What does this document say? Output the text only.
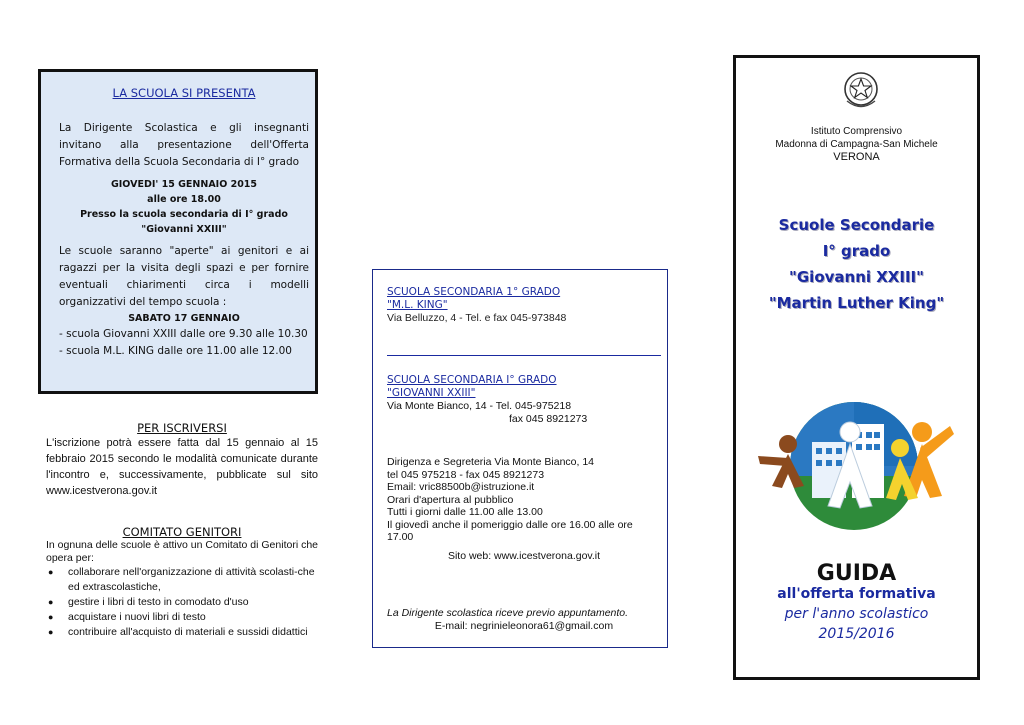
LA SCUOLA SI PRESENTA

La Dirigente Scolastica e gli insegnanti invitano alla presentazione dell'Offerta Formativa della Scuola Secondaria di I° grado

GIOVEDI' 15 GENNAIO 2015
alle ore 18.00
Presso la scuola secondaria di I° grado
"Giovanni XXIII"

Le scuole saranno "aperte" ai genitori e ai ragazzi per la visita degli spazi e per fornire eventuali chiarimenti circa i modelli organizzativi del tempo scuola :

SABATO 17 GENNAIO
- scuola Giovanni XXIII dalle ore 9.30 alle 10.30
- scuola M.L. KING dalle ore 11.00 alle 12.00
PER ISCRIVERSI

L'iscrizione potrà essere fatta dal 15 gennaio al 15 febbraio 2015 secondo le modalità comunicate durante l'incontro e, successivamente, pubblicate sul sito www.icestverona.gov.it

COMITATO GENITORI

In ognuna delle scuole è attivo un Comitato di Genitori che opera per:

● collaborare nell'organizzazione di attività scolasti-che ed extrascolastiche,
● gestire i libri di testo in comodato d'uso
● acquistare i nuovi libri di testo
● contribuire all'acquisto di materiali e sussidi didattici
SCUOLA SECONDARIA 1° GRADO
"M.L. KING"
Via Belluzzo, 4 - Tel. e fax 045-973848
SCUOLA SECONDARIA I° GRADO
"GIOVANNI XXIII"
Via Monte Bianco, 14 - Tel. 045-975218
fax 045 8921273
Dirigenza e Segreteria Via Monte Bianco, 14
tel 045 975218 - fax 045 8921273
Email: vric88500b@istruzione.it
Orari d'apertura al pubblico
Tutti i giorni dalle 11.00 alle 13.00
Il giovedì anche il pomeriggio dalle ore 16.00 alle ore 17.00
Sito web: www.icestverona.gov.it
La Dirigente scolastica riceve previo appuntamento.
E-mail: negrinieleonora61@gmail.com
Istituto Comprensivo
Madonna di Campagna-San Michele
VERONA
Scuole Secondarie
I° grado
"Giovanni XXIII"
"Martin Luther King"
GUIDA
all'offerta formativa
per l'anno scolastico
2015/2016
